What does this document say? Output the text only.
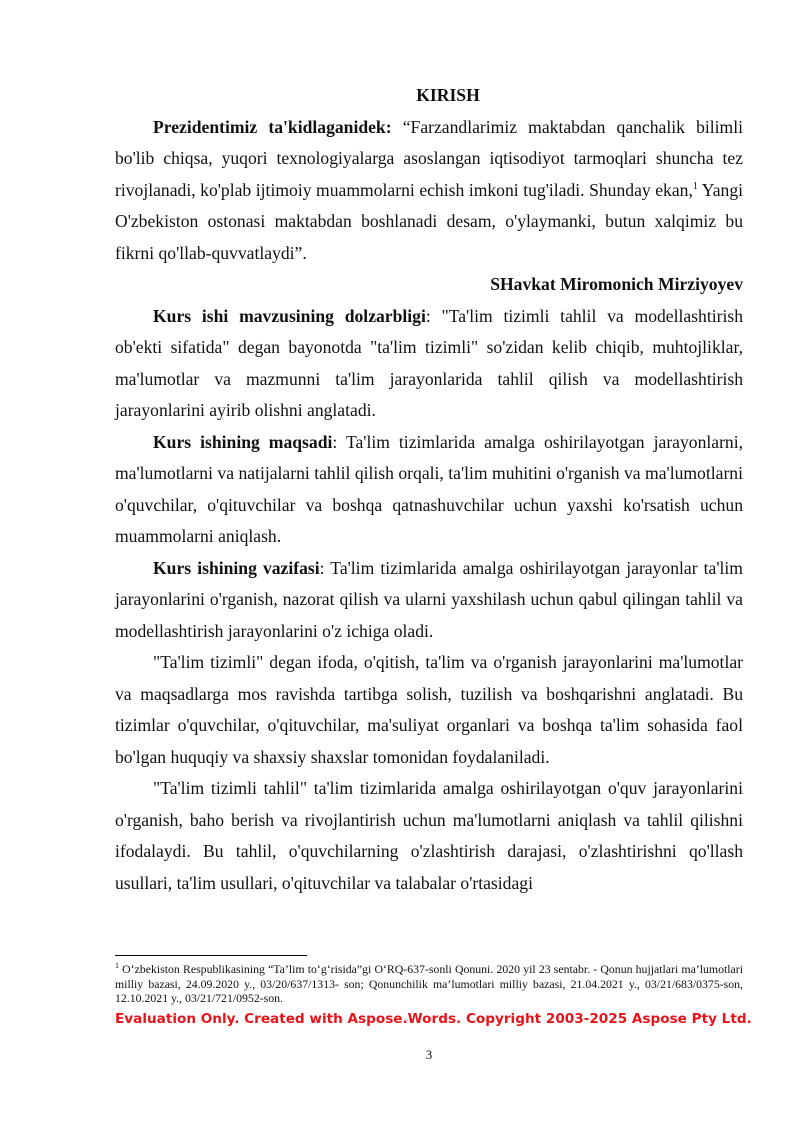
KIRISH

Prezidentimiz ta'kidlaganidek: “Farzandlarimiz maktabdan qanchalik bilimli bo'lib chiqsa, yuqori texnologiyalarga asoslangan iqtisodiyot tarmoqlari shuncha tez rivojlanadi, ko'plab ijtimoiy muammolarni echish imkoni tug'iladi. Shunday ekan,$^1$ Yangi O'zbekiston ostonasi maktabdan boshlanadi desam, o'ylaymanki, butun xalqimiz bu fikrni qo'llab-quvvatlaydi”.

SHavkat Miromonich Mirziyoyev

Kurs ishi mavzusining dolzarbligi: "Ta'lim tizimli tahlil va modellashtirish ob'ekti sifatida" degan bayonotda "ta'lim tizimli" so'zidan kelib chiqib, muhtojliklar, ma'lumotlar va mazmunni ta'lim jarayonlarida tahlil qilish va modellashtirish jarayonlarini ayirib olishni anglatadi.

Kurs ishining maqsadi: Ta'lim tizimlarida amalga oshirilayotgan jarayonlarni, ma'lumotlarni va natijalarni tahlil qilish orqali, ta'lim muhitini o'rganish va ma'lumotlarni o'quvchilar, o'qituvchilar va boshqa qatnashuvchilar uchun yaxshi ko'rsatish uchun muammolarni aniqlash.

Kurs ishining vazifasi: Ta'lim tizimlarida amalga oshirilayotgan jarayonlar ta'lim jarayonlarini o'rganish, nazorat qilish va ularni yaxshilash uchun qabul qilingan tahlil va modellashtirish jarayonlarini o'z ichiga oladi.

"Ta'lim tizimli" degan ifoda, o'qitish, ta'lim va o'rganish jarayonlarini ma'lumotlar va maqsadlarga mos ravishda tartibga solish, tuzilish va boshqarishni anglatadi. Bu tizimlar o'quvchilar, o'qituvchilar, ma'suliyat organlari va boshqa ta'lim sohasida faol bo'lgan huquqiy va shaxsiy shaxslar tomonidan foydalaniladi.

"Ta'lim tizimli tahlil" ta'lim tizimlarida amalga oshirilayotgan o'quv jarayonlarini o'rganish, baho berish va rivojlantirish uchun ma'lumotlarni aniqlash va tahlil qilishni ifodalaydi. Bu tahlil, o'quvchilarning o'zlashtirish darajasi, o'zlashtirishni qo'llash usullari, ta'lim usullari, o'qituvchilar va talabalar o'rtasidagi

$^1$ O‘zbekiston Respublikasining “Ta’lim to‘g‘risida”gi O‘RQ-637-sonli Qonuni. 2020 yil 23 sentabr. - Qonun hujjatlari ma’lumotlari milliy bazasi, 24.09.2020 y., 03/20/637/1313- son; Qonunchilik ma’lumotlari milliy bazasi, 21.04.2021 y., 03/21/683/0375-son, 12.10.2021 y., 03/21/721/0952-son.

Evaluation Only. Created with Aspose.Words. Copyright 2003-2025 Aspose Pty Ltd.
3
